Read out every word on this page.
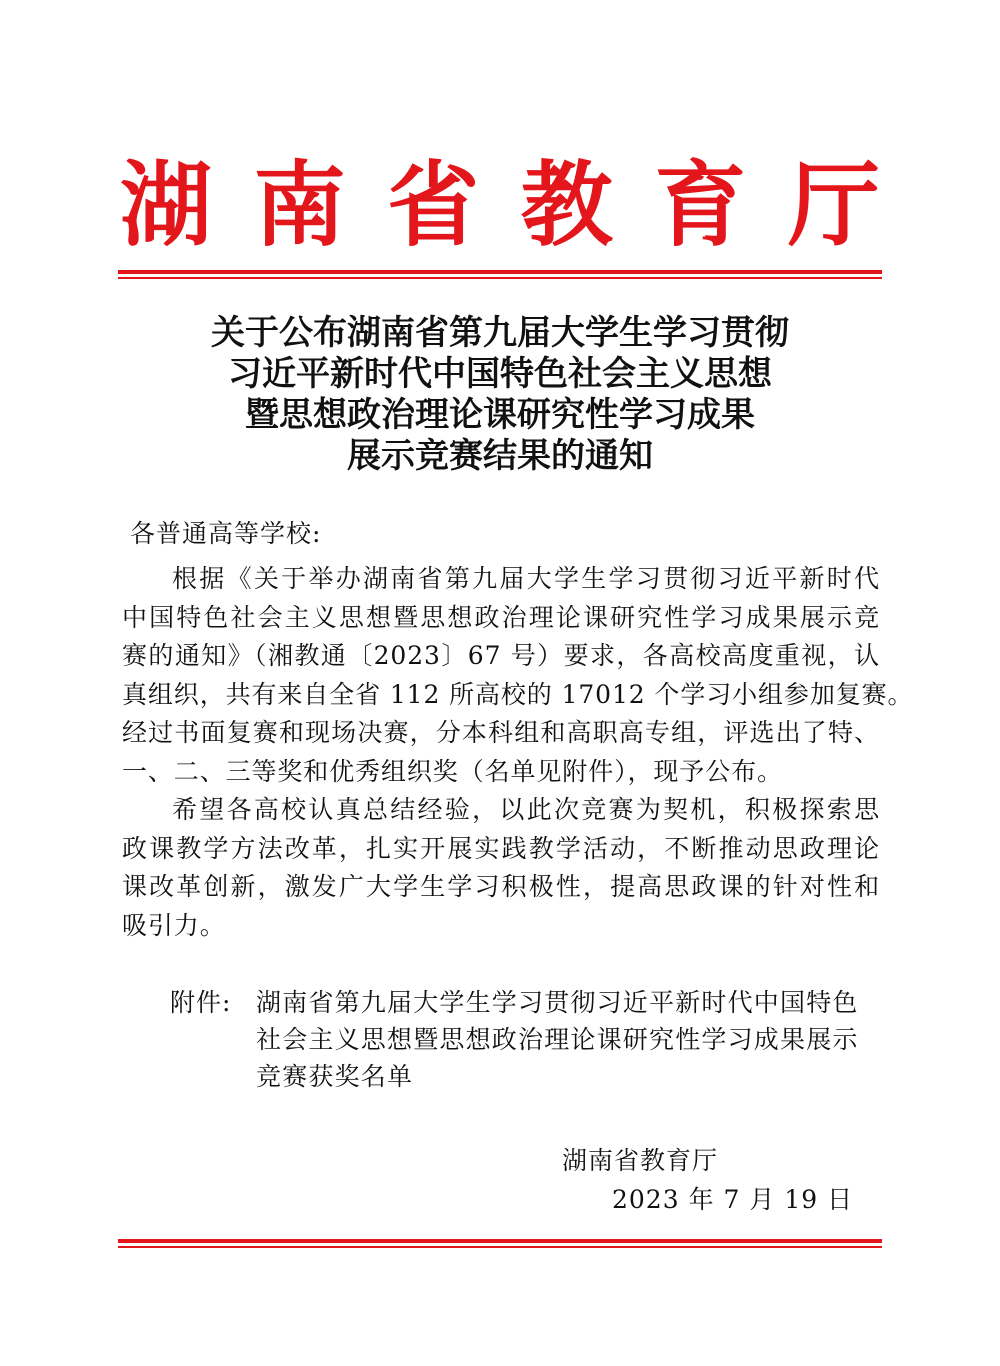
湖 南 省 教 育 厅
关于公布湖南省第九届大学生学习贯彻
习近平新时代中国特色社会主义思想
暨思想政治理论课研究性学习成果
展示竞赛结果的通知
各普通高等学校:
根据《关于举办湖南省第九届大学生学习贯彻习近平新时代
中国特色社会主义思想暨思想政治理论课研究性学习成果展示竞
赛的通知》（湘教通〔2023〕67 号）要求，各高校高度重视，认
真组织，共有来自全省 112 所高校的 17012 个学习小组参加复赛。
经过书面复赛和现场决赛，分本科组和高职高专组，评选出了特、
一、二、三等奖和优秀组织奖（名单见附件），现予公布。
希望各高校认真总结经验，以此次竞赛为契机，积极探索思
政课教学方法改革，扎实开展实践教学活动，不断推动思政理论
课改革创新，激发广大学生学习积极性，提高思政课的针对性和
吸引力。
附件: 湖南省第九届大学生学习贯彻习近平新时代中国特色
社会主义思想暨思想政治理论课研究性学习成果展示
竞赛获奖名单
湖南省教育厅
2023 年 7 月 19 日
